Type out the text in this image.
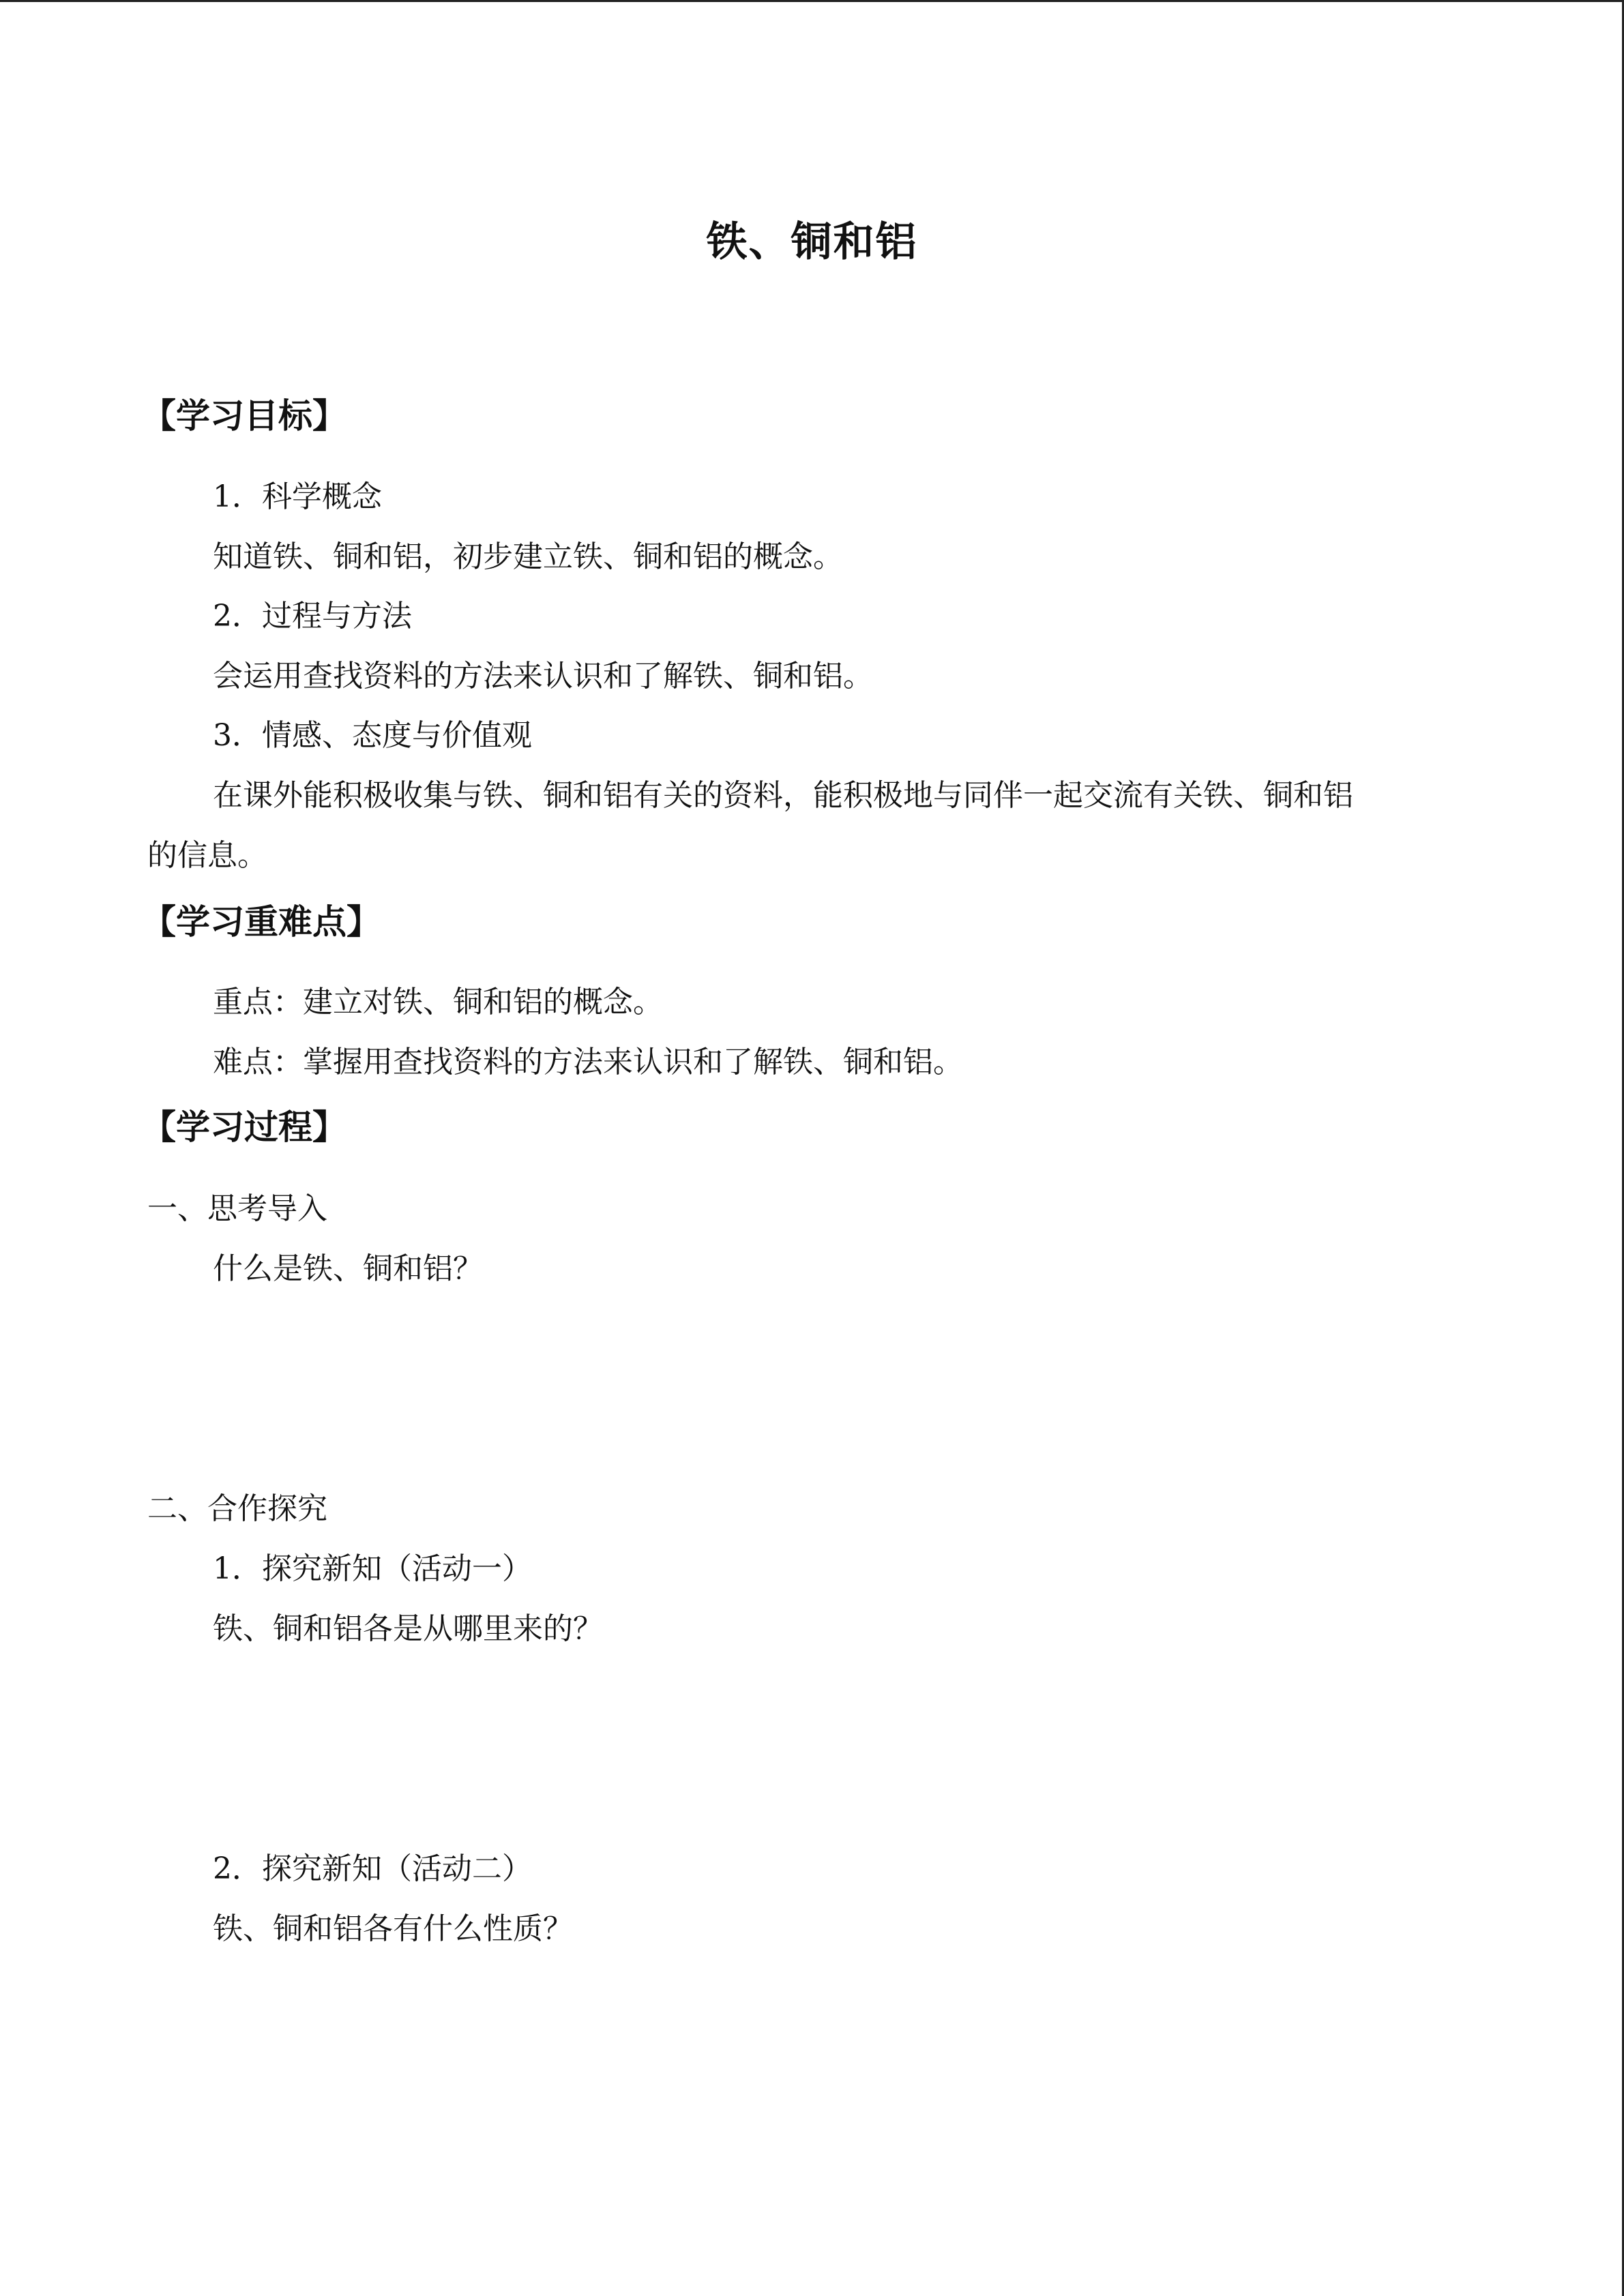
铁、铜和铝
【学习目标】
1．科学概念
知道铁、铜和铝，初步建立铁、铜和铝的概念。
2．过程与方法
会运用查找资料的方法来认识和了解铁、铜和铝。
3．情感、态度与价值观
在课外能积极收集与铁、铜和铝有关的资料，能积极地与同伴一起交流有关铁、铜和铝
的信息。
【学习重难点】
重点：建立对铁、铜和铝的概念。
难点：掌握用查找资料的方法来认识和了解铁、铜和铝。
【学习过程】
一、思考导入
什么是铁、铜和铝？
二、合作探究
1．探究新知（活动一）
铁、铜和铝各是从哪里来的？
2．探究新知（活动二）
铁、铜和铝各有什么性质？
